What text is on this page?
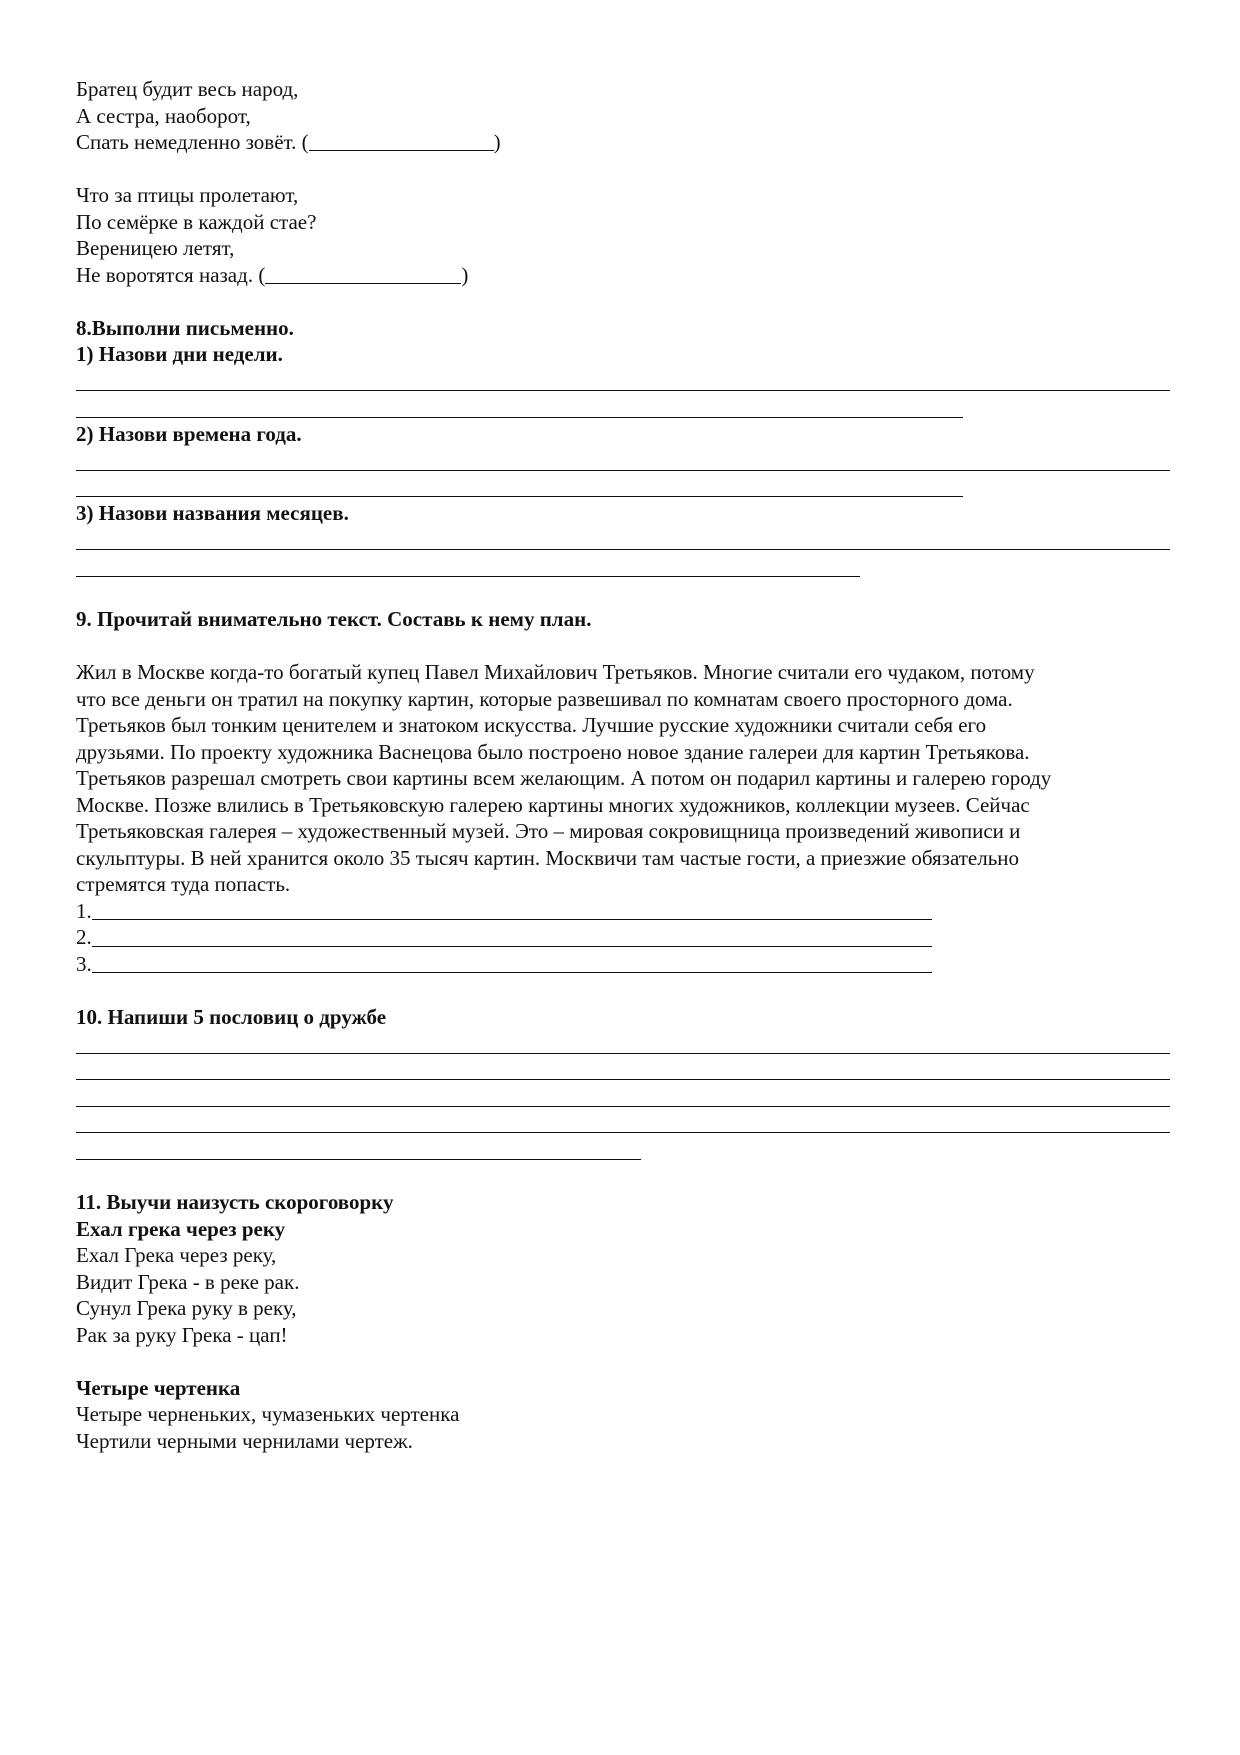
Братец будит весь народ,
А сестра, наоборот,
Спать немедленно зовёт. (	)
Что за птицы пролетают,
По семёрке в каждой стае?
Вереницею летят,
Не воротятся назад. (	)
8.Выполни письменно.
1) Назови дни недели.
2) Назови времена года.
3) Назови названия месяцев.
9. Прочитай внимательно текст. Составь к нему план.
Жил в Москве когда-то богатый купец Павел Михайлович Третьяков. Многие считали его чудаком, потому
что все деньги он тратил на покупку картин, которые развешивал по комнатам своего просторного дома.
Третьяков был тонким ценителем и знатоком искусства. Лучшие русские художники считали себя его
друзьями. По проекту художника Васнецова было построено новое здание галереи для картин Третьякова.
Третьяков разрешал смотреть свои картины всем желающим. А потом он подарил картины и галерею городу
Москве. Позже влились в Третьяковскую галерею картины многих художников, коллекции музеев. Сейчас
Третьяковская галерея – художественный музей. Это – мировая сокровищница произведений живописи и
скульптуры. В ней хранится около 35 тысяч картин. Москвичи там частые гости, а приезжие обязательно
стремятся туда попасть.
1.
2.
3.
10. Напиши 5 пословиц о дружбе
11. Выучи наизусть скороговорку
Ехал грека через реку
Ехал Грека через реку,
Видит Грека - в реке рак.
Сунул Грека руку в реку,
Рак за руку Грека - цап!
Четыре чертенка
Четыре черненьких, чумазеньких чертенка
Чертили черными чернилами чертеж.
